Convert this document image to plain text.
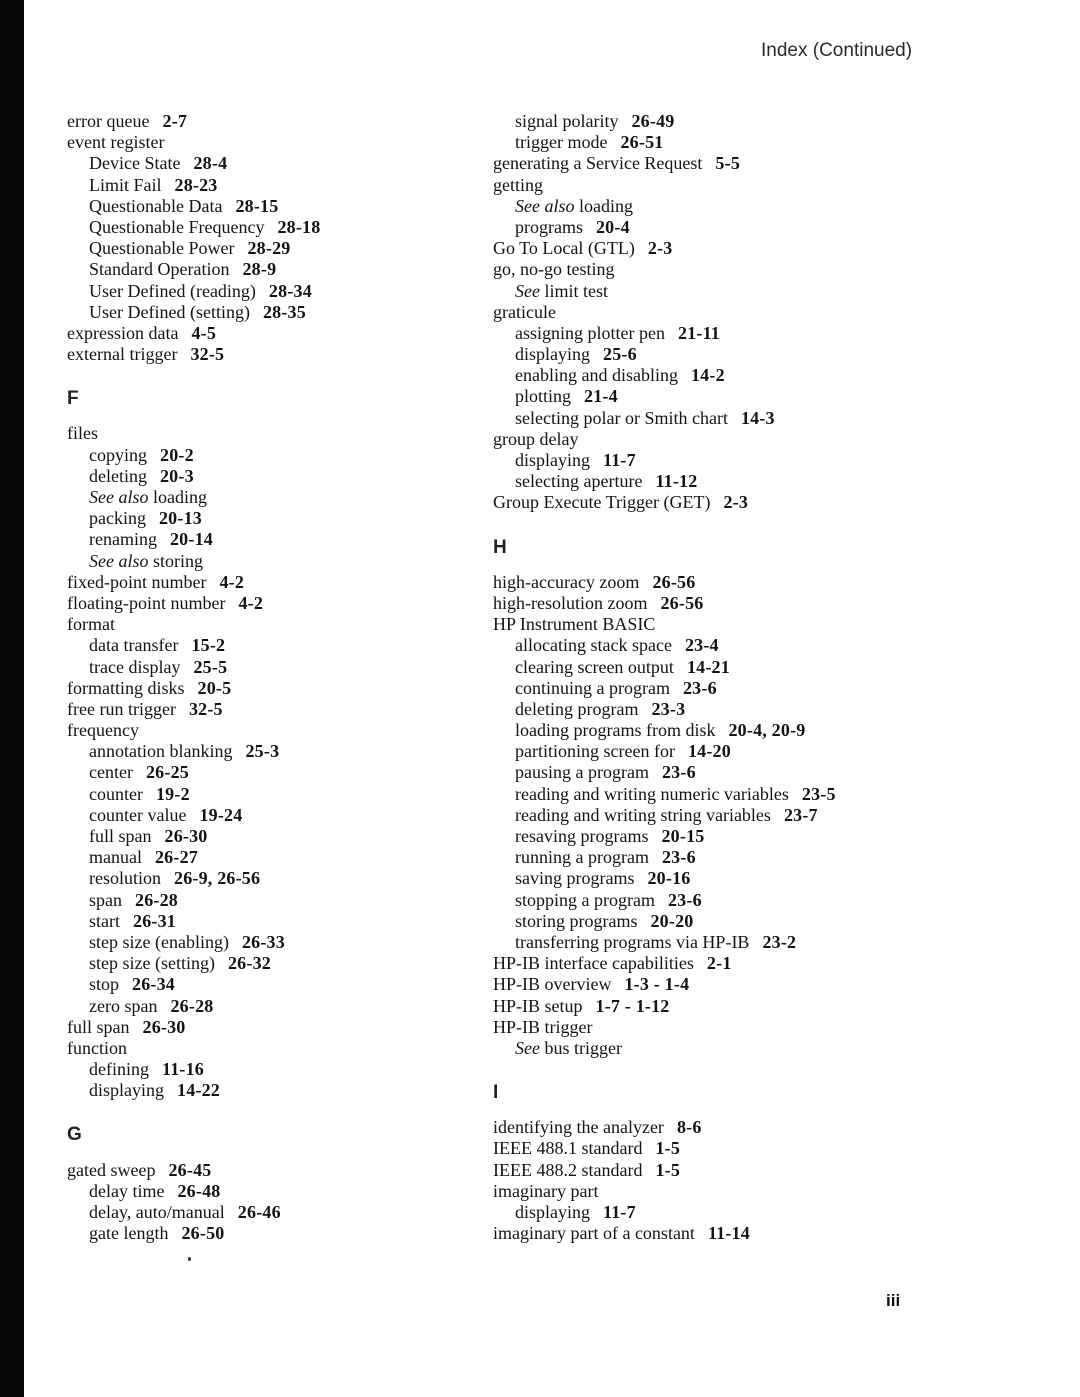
Index (Continued)
error queue 2-7
event register
Device State 28-4
Limit Fail 28-23
Questionable Data 28-15
Questionable Frequency 28-18
Questionable Power 28-29
Standard Operation 28-9
User Defined (reading) 28-34
User Defined (setting) 28-35
expression data 4-5
external trigger 32-5
F
files
copying 20-2
deleting 20-3
See also loading
packing 20-13
renaming 20-14
See also storing
fixed-point number 4-2
floating-point number 4-2
format
data transfer 15-2
trace display 25-5
formatting disks 20-5
free run trigger 32-5
frequency
annotation blanking 25-3
center 26-25
counter 19-2
counter value 19-24
full span 26-30
manual 26-27
resolution 26-9, 26-56
span 26-28
start 26-31
step size (enabling) 26-33
step size (setting) 26-32
stop 26-34
zero span 26-28
full span 26-30
function
defining 11-16
displaying 14-22
G
gated sweep 26-45
delay time 26-48
delay, auto/manual 26-46
gate length 26-50
signal polarity 26-49
trigger mode 26-51
generating a Service Request 5-5
getting
See also loading
programs 20-4
Go To Local (GTL) 2-3
go, no-go testing
See limit test
graticule
assigning plotter pen 21-11
displaying 25-6
enabling and disabling 14-2
plotting 21-4
selecting polar or Smith chart 14-3
group delay
displaying 11-7
selecting aperture 11-12
Group Execute Trigger (GET) 2-3
H
high-accuracy zoom 26-56
high-resolution zoom 26-56
HP Instrument BASIC
allocating stack space 23-4
clearing screen output 14-21
continuing a program 23-6
deleting program 23-3
loading programs from disk 20-4, 20-9
partitioning screen for 14-20
pausing a program 23-6
reading and writing numeric variables 23-5
reading and writing string variables 23-7
resaving programs 20-15
running a program 23-6
saving programs 20-16
stopping a program 23-6
storing programs 20-20
transferring programs via HP-IB 23-2
HP-IB interface capabilities 2-1
HP-IB overview 1-3 - 1-4
HP-IB setup 1-7 - 1-12
HP-IB trigger
See bus trigger
I
identifying the analyzer 8-6
IEEE 488.1 standard 1-5
IEEE 488.2 standard 1-5
imaginary part
displaying 11-7
imaginary part of a constant 11-14
iii
